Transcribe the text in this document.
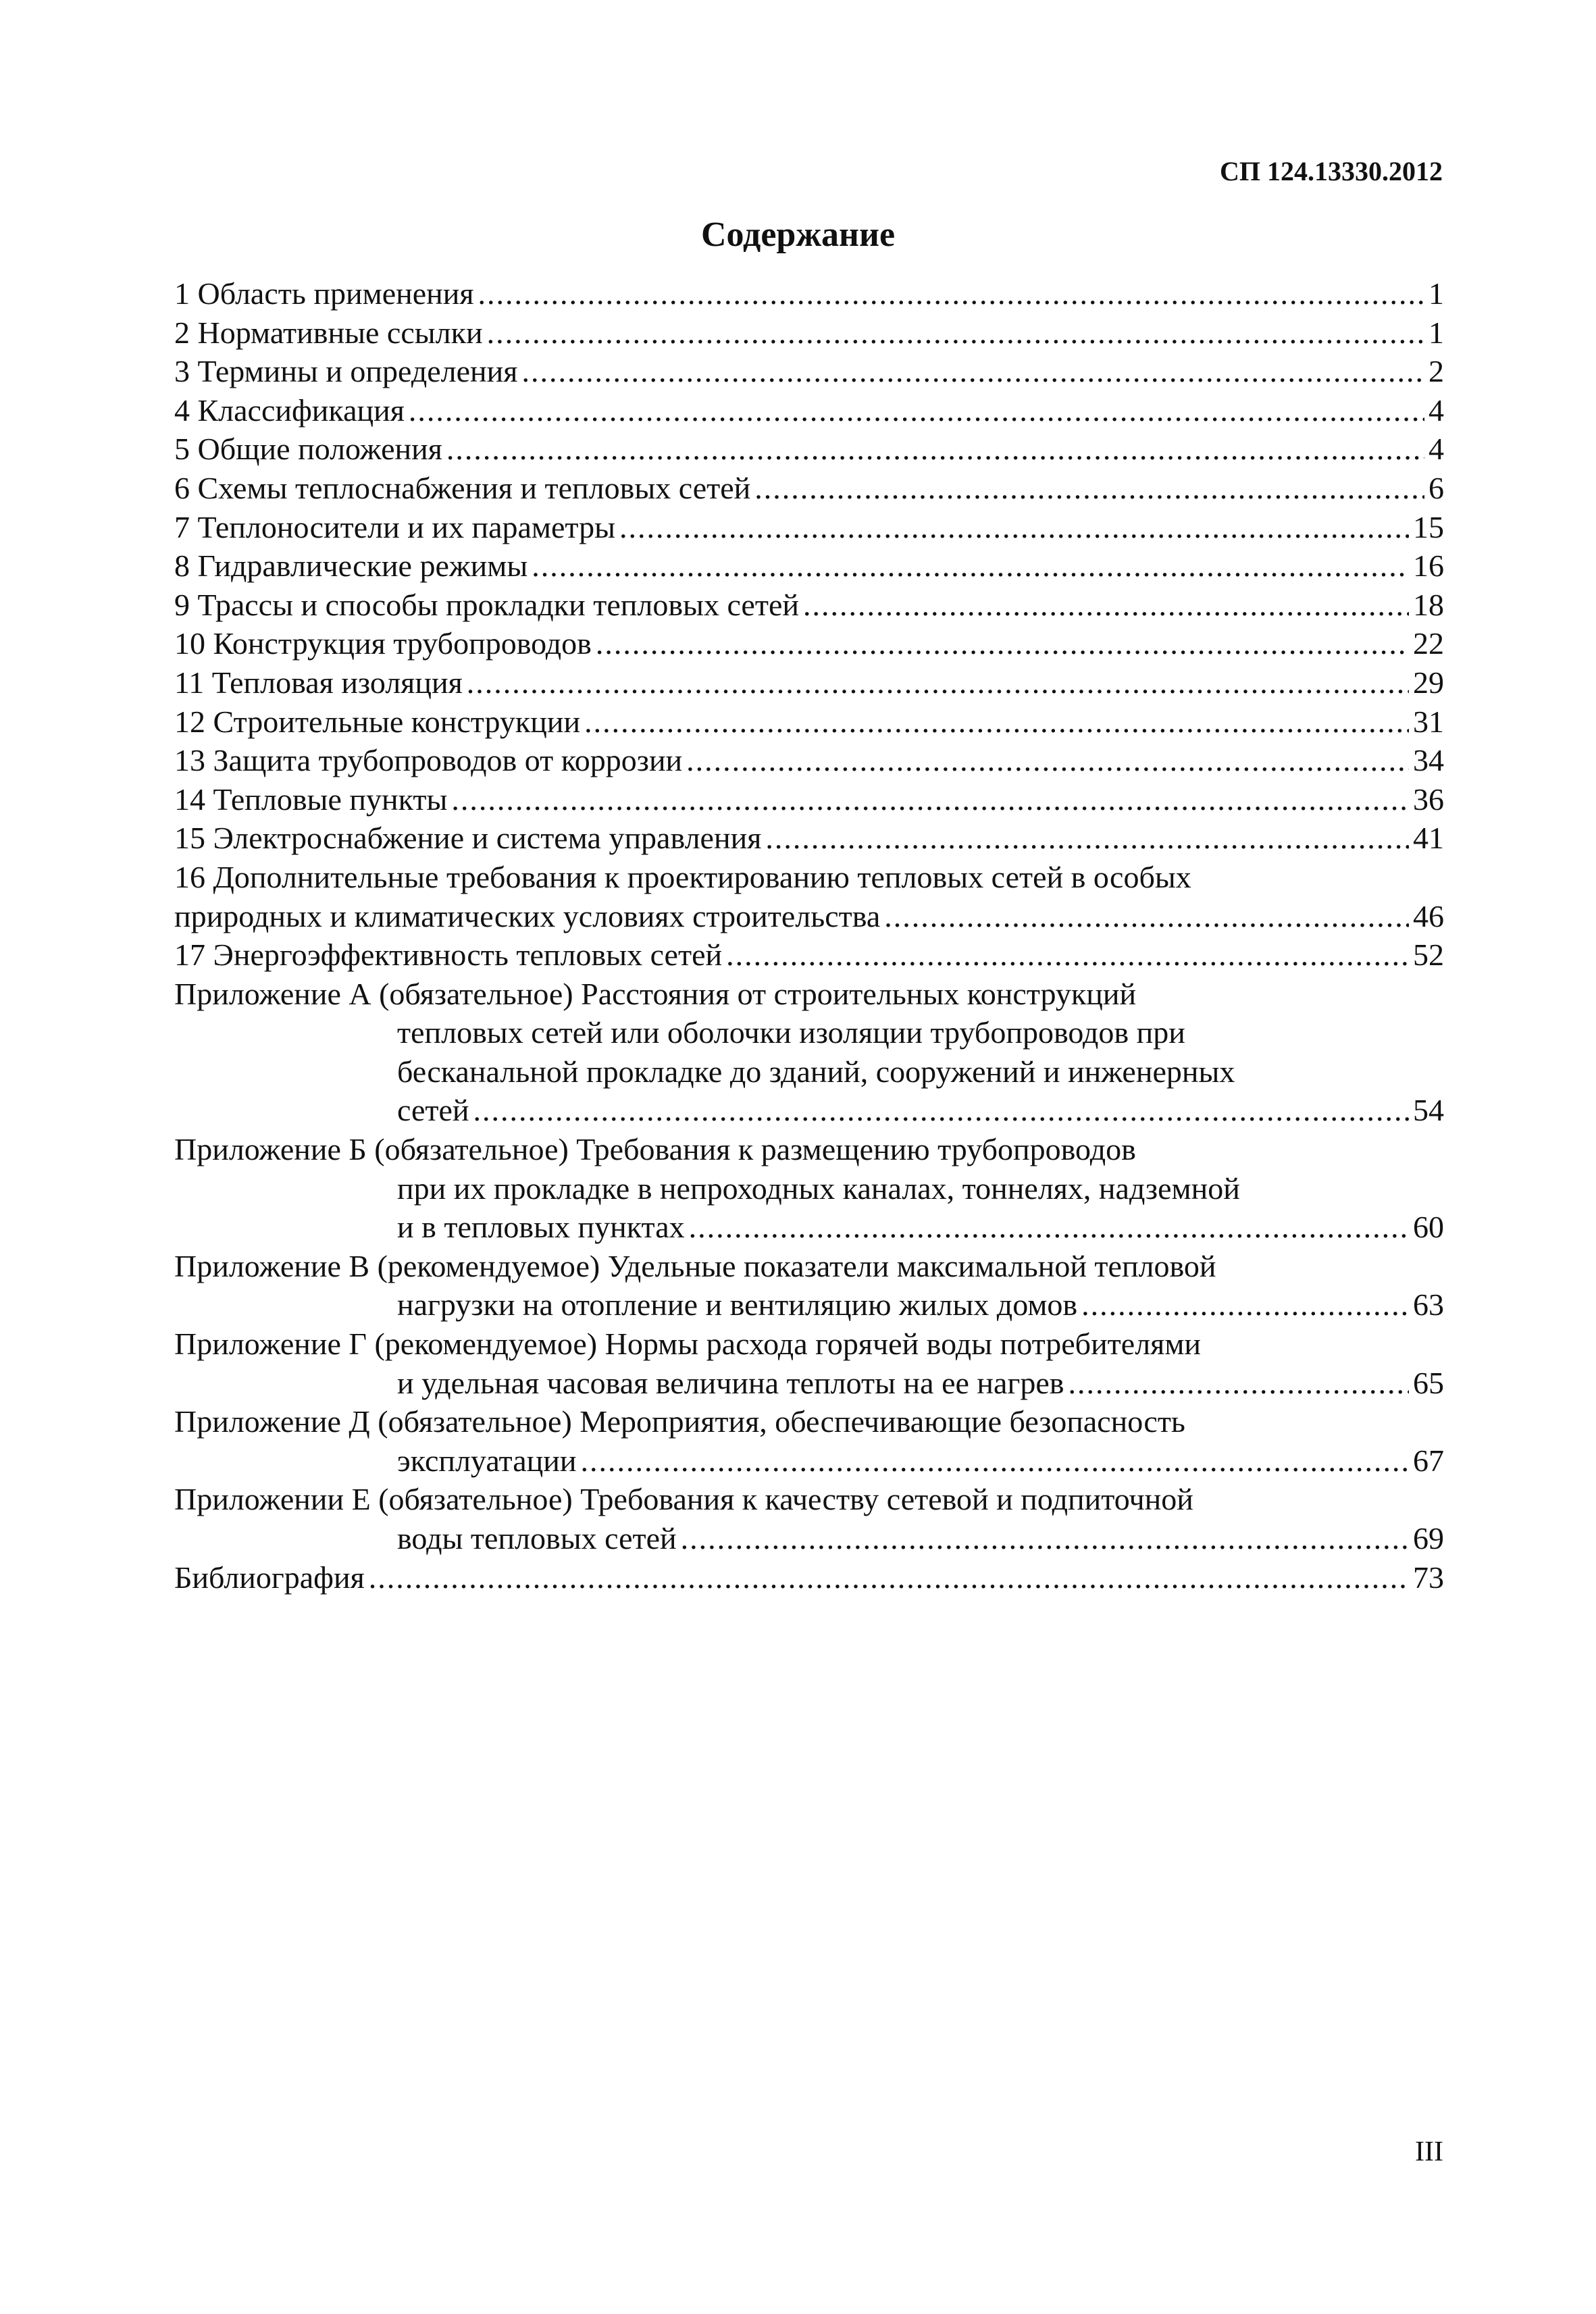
СП 124.13330.2012
Содержание
1 Область применения .....	1
2 Нормативные ссылки .....	1
3 Термины и определения .....	2
4 Классификация .....	4
5 Общие положения .....	4
6 Схемы теплоснабжения и тепловых сетей .....	6
7 Теплоносители и их параметры .....	15
8 Гидравлические режимы .....	16
9 Трассы и способы прокладки тепловых сетей .....	18
10 Конструкция трубопроводов .....	22
11 Тепловая изоляция .....	29
12 Строительные конструкции .....	31
13 Защита трубопроводов от коррозии .....	34
14 Тепловые пункты .....	36
15 Электроснабжение и система управления .....	41
16 Дополнительные требования к проектированию тепловых сетей в особых
природных и климатических условиях строительства .....	46
17 Энергоэффективность тепловых сетей .....	52
Приложение А (обязательное) Расстояния от строительных конструкций
тепловых сетей или оболочки изоляции трубопроводов при
бесканальной прокладке до зданий, сооружений и инженерных
сетей .....	54
Приложение Б (обязательное) Требования к размещению трубопроводов
при их прокладке в непроходных каналах, тоннелях, надземной
и в тепловых пунктах .....	60
Приложение В (рекомендуемое) Удельные показатели максимальной тепловой
нагрузки на отопление и вентиляцию жилых домов .....	63
Приложение Г (рекомендуемое) Нормы расхода горячей воды потребителями
и удельная часовая величина теплоты на ее нагрев .....	65
Приложение Д (обязательное) Мероприятия, обеспечивающие безопасность
эксплуатации .....	67
Приложении Е (обязательное) Требования к качеству сетевой и подпиточной
воды тепловых сетей .....	69
Библиография .....	73
III
